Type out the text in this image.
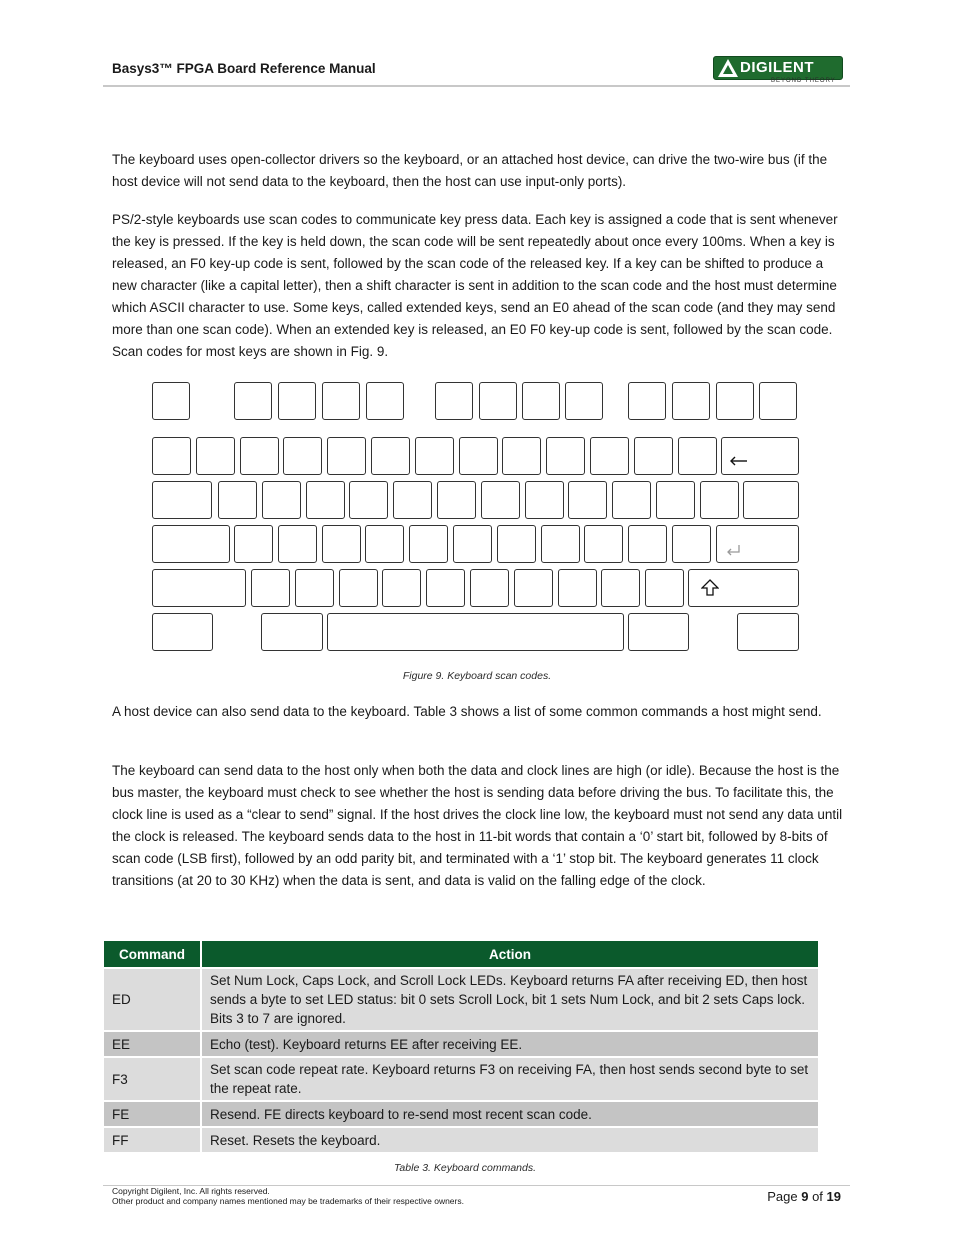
Basys3™ FPGA Board Reference Manual	DIGILENT
BEYOND THEORY

The keyboard uses open-collector drivers so the keyboard, or an attached host device, can drive the two-wire bus (if the host device will not send data to the keyboard, then the host can use input-only ports).

PS/2-style keyboards use scan codes to communicate key press data. Each key is assigned a code that is sent whenever the key is pressed. If the key is held down, the scan code will be sent repeatedly about once every 100ms. When a key is released, an F0 key-up code is sent, followed by the scan code of the released key. If a key can be shifted to produce a new character (like a capital letter), then a shift character is sent in addition to the scan code and the host must determine which ASCII character to use. Some keys, called extended keys, send an E0 ahead of the scan code (and they may send more than one scan code). When an extended key is released, an E0 F0 key-up code is sent, followed by the scan code. Scan codes for most keys are shown in Fig. 9.

Figure 9. Keyboard scan codes.

A host device can also send data to the keyboard. Table 3 shows a list of some common commands a host might send.

The keyboard can send data to the host only when both the data and clock lines are high (or idle). Because the host is the bus master, the keyboard must check to see whether the host is sending data before driving the bus. To facilitate this, the clock line is used as a “clear to send” signal. If the host drives the clock line low, the keyboard must not send any data until the clock is released. The keyboard sends data to the host in 11-bit words that contain a ‘0’ start bit, followed by 8-bits of scan code (LSB first), followed by an odd parity bit, and terminated with a ‘1’ stop bit. The keyboard generates 11 clock transitions (at 20 to 30 KHz) when the data is sent, and data is valid on the falling edge of the clock.

Command	Action
ED	Set Num Lock, Caps Lock, and Scroll Lock LEDs. Keyboard returns FA after receiving ED, then host sends a byte to set LED status: bit 0 sets Scroll Lock, bit 1 sets Num Lock, and bit 2 sets Caps lock. Bits 3 to 7 are ignored.
EE	Echo (test). Keyboard returns EE after receiving EE.
F3	Set scan code repeat rate. Keyboard returns F3 on receiving FA, then host sends second byte to set the repeat rate.
FE	Resend. FE directs keyboard to re-send most recent scan code.
FF	Reset. Resets the keyboard.
Table 3. Keyboard commands.
Copyright Digilent, Inc. All rights reserved.
Other product and company names mentioned may be trademarks of their respective owners.	Page 9 of 19
